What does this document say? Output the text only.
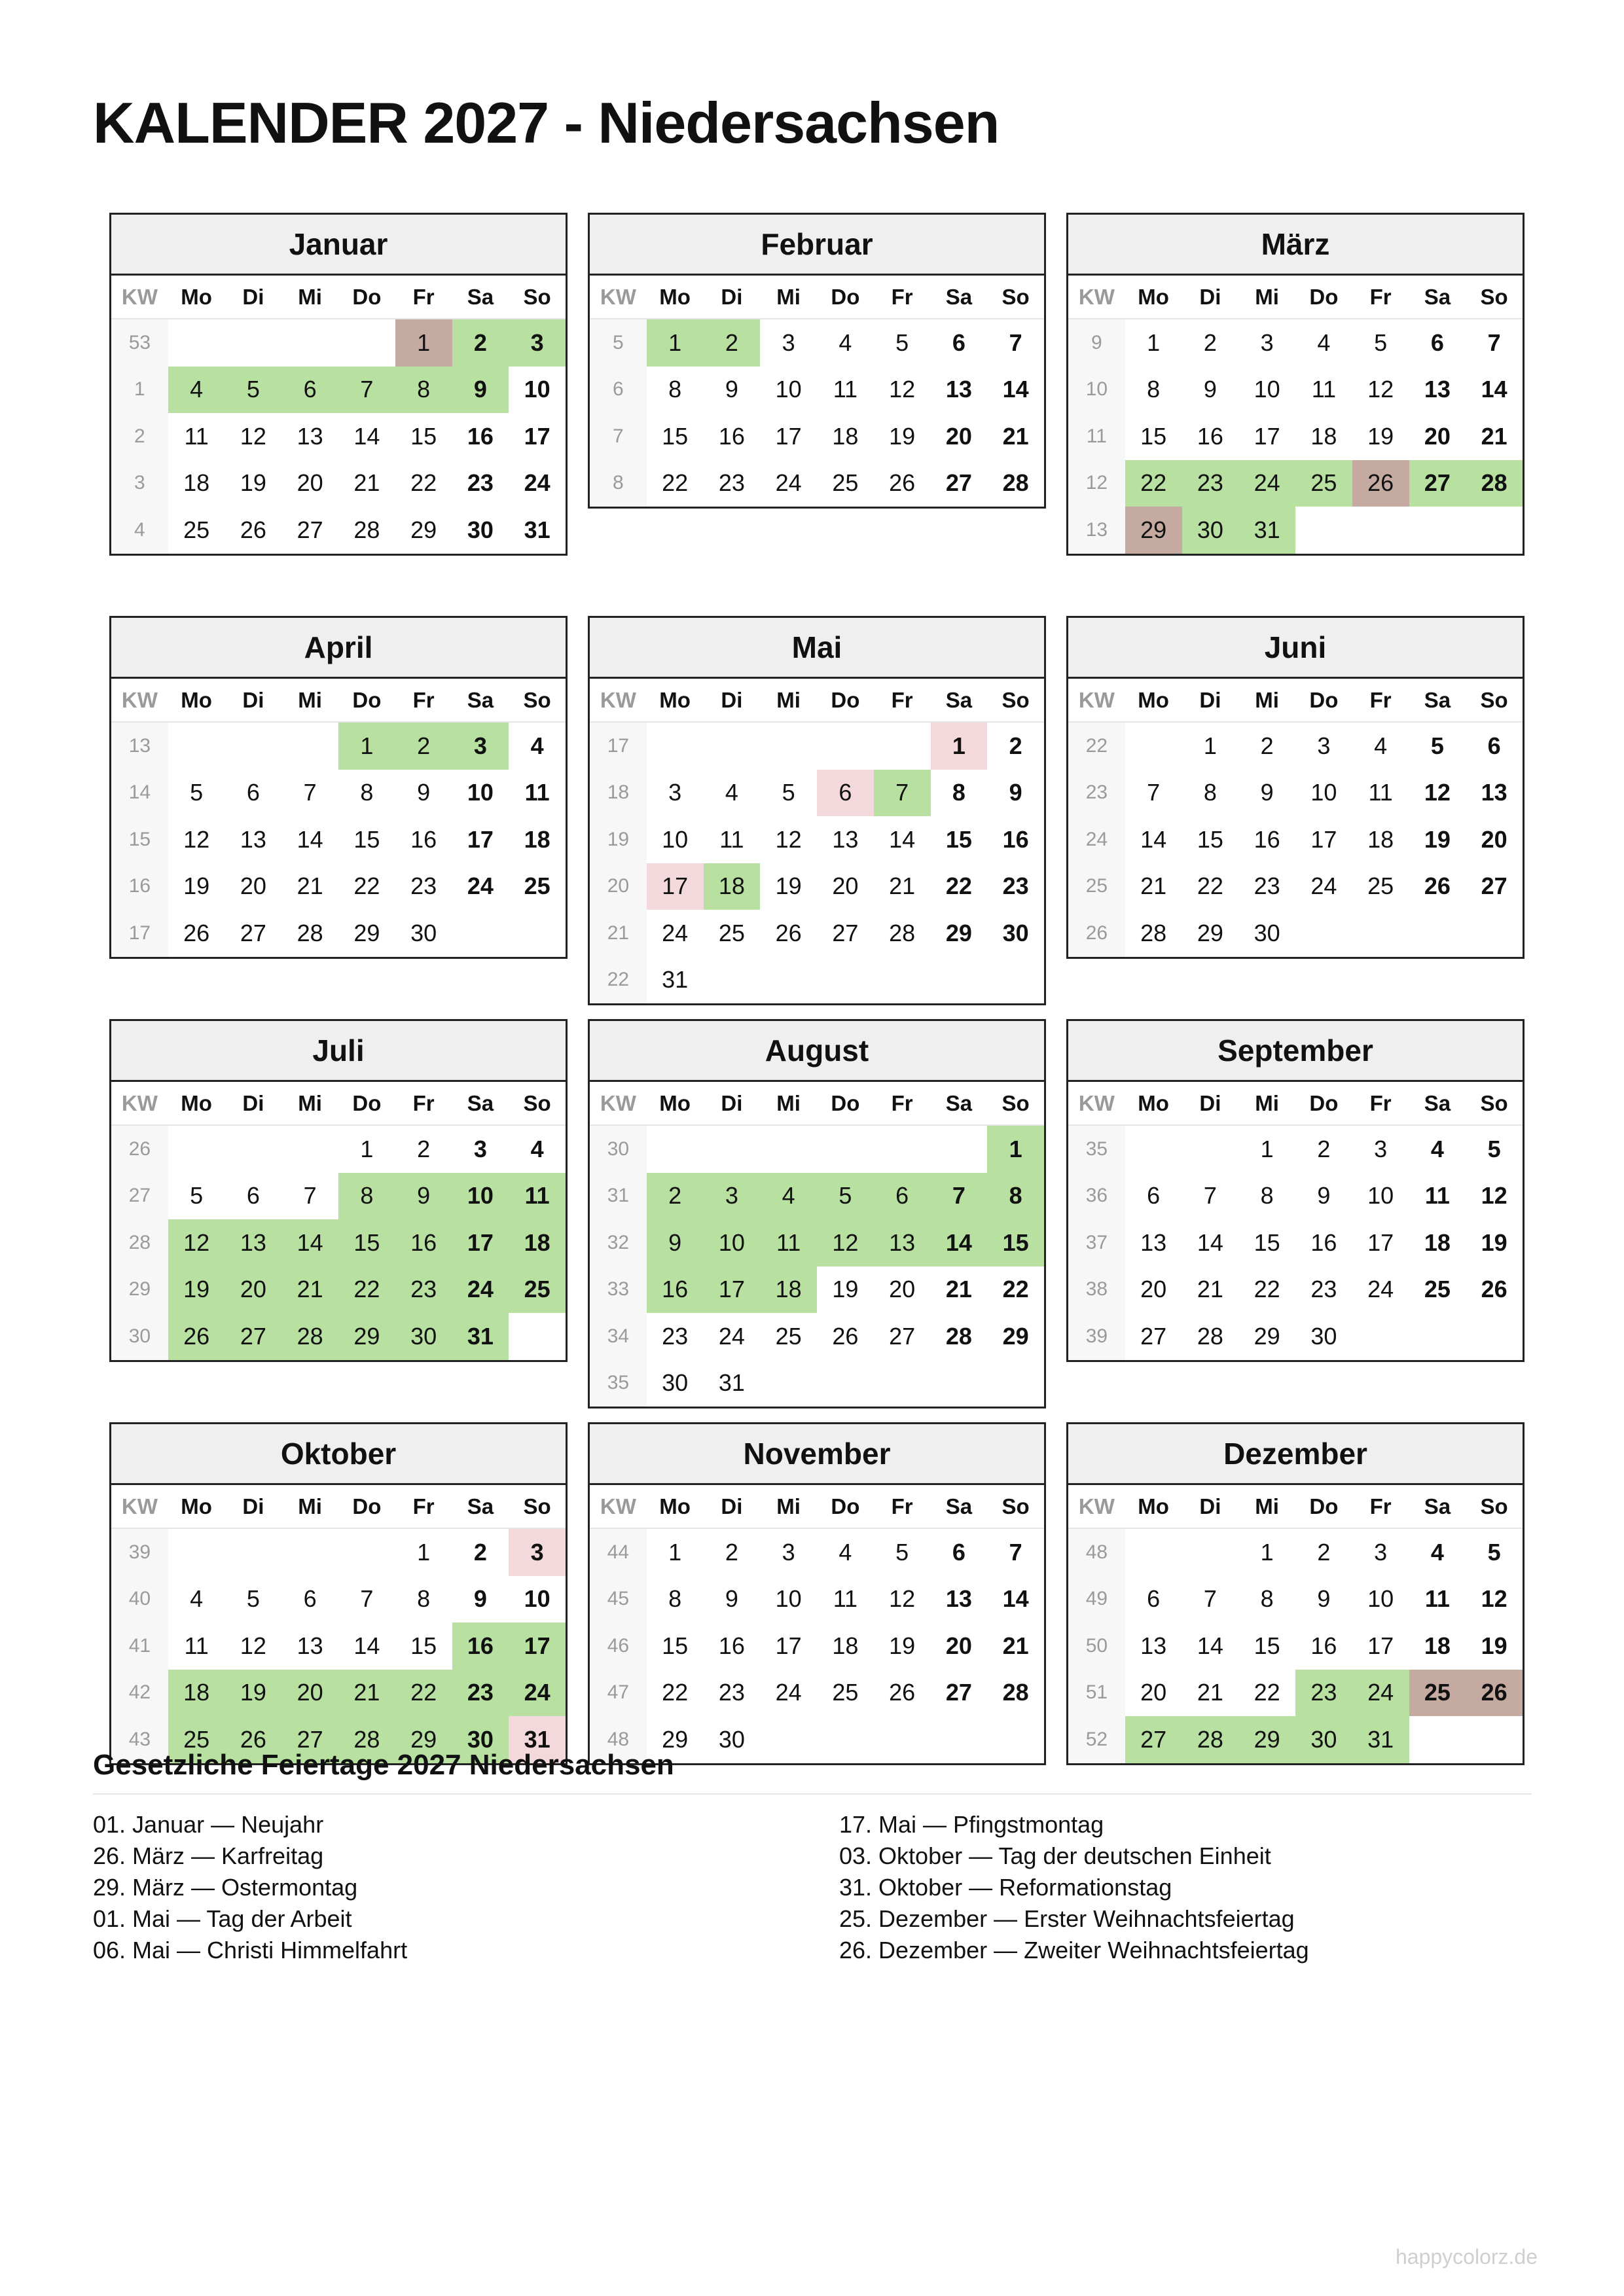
KALENDER 2027 - Niedersachsen
Januar
KW	Mo	Di	Mi	Do	Fr	Sa	So
53					1	2	3
1	4	5	6	7	8	9	10
2	11	12	13	14	15	16	17
3	18	19	20	21	22	23	24
4	25	26	27	28	29	30	31
Februar
KW	Mo	Di	Mi	Do	Fr	Sa	So
5	1	2	3	4	5	6	7
6	8	9	10	11	12	13	14
7	15	16	17	18	19	20	21
8	22	23	24	25	26	27	28
März
KW	Mo	Di	Mi	Do	Fr	Sa	So
9	1	2	3	4	5	6	7
10	8	9	10	11	12	13	14
11	15	16	17	18	19	20	21
12	22	23	24	25	26	27	28
13	29	30	31				
April
KW	Mo	Di	Mi	Do	Fr	Sa	So
13				1	2	3	4
14	5	6	7	8	9	10	11
15	12	13	14	15	16	17	18
16	19	20	21	22	23	24	25
17	26	27	28	29	30		
Mai
KW	Mo	Di	Mi	Do	Fr	Sa	So
17						1	2
18	3	4	5	6	7	8	9
19	10	11	12	13	14	15	16
20	17	18	19	20	21	22	23
21	24	25	26	27	28	29	30
22	31						
Juni
KW	Mo	Di	Mi	Do	Fr	Sa	So
22		1	2	3	4	5	6
23	7	8	9	10	11	12	13
24	14	15	16	17	18	19	20
25	21	22	23	24	25	26	27
26	28	29	30				
Juli
KW	Mo	Di	Mi	Do	Fr	Sa	So
26				1	2	3	4
27	5	6	7	8	9	10	11
28	12	13	14	15	16	17	18
29	19	20	21	22	23	24	25
30	26	27	28	29	30	31	
August
KW	Mo	Di	Mi	Do	Fr	Sa	So
30							1
31	2	3	4	5	6	7	8
32	9	10	11	12	13	14	15
33	16	17	18	19	20	21	22
34	23	24	25	26	27	28	29
35	30	31					
September
KW	Mo	Di	Mi	Do	Fr	Sa	So
35			1	2	3	4	5
36	6	7	8	9	10	11	12
37	13	14	15	16	17	18	19
38	20	21	22	23	24	25	26
39	27	28	29	30			
Oktober
KW	Mo	Di	Mi	Do	Fr	Sa	So
39					1	2	3
40	4	5	6	7	8	9	10
41	11	12	13	14	15	16	17
42	18	19	20	21	22	23	24
43	25	26	27	28	29	30	31
November
KW	Mo	Di	Mi	Do	Fr	Sa	So
44	1	2	3	4	5	6	7
45	8	9	10	11	12	13	14
46	15	16	17	18	19	20	21
47	22	23	24	25	26	27	28
48	29	30					
Dezember
KW	Mo	Di	Mi	Do	Fr	Sa	So
48			1	2	3	4	5
49	6	7	8	9	10	11	12
50	13	14	15	16	17	18	19
51	20	21	22	23	24	25	26
52	27	28	29	30	31		
Gesetzliche Feiertage 2027 Niedersachsen
01. Januar — Neujahr
26. März — Karfreitag
29. März — Ostermontag
01. Mai — Tag der Arbeit
06. Mai — Christi Himmelfahrt
17. Mai — Pfingstmontag
03. Oktober — Tag der deutschen Einheit
31. Oktober — Reformationstag
25. Dezember — Erster Weihnachtsfeiertag
26. Dezember — Zweiter Weihnachtsfeiertag
happycolorz.de
